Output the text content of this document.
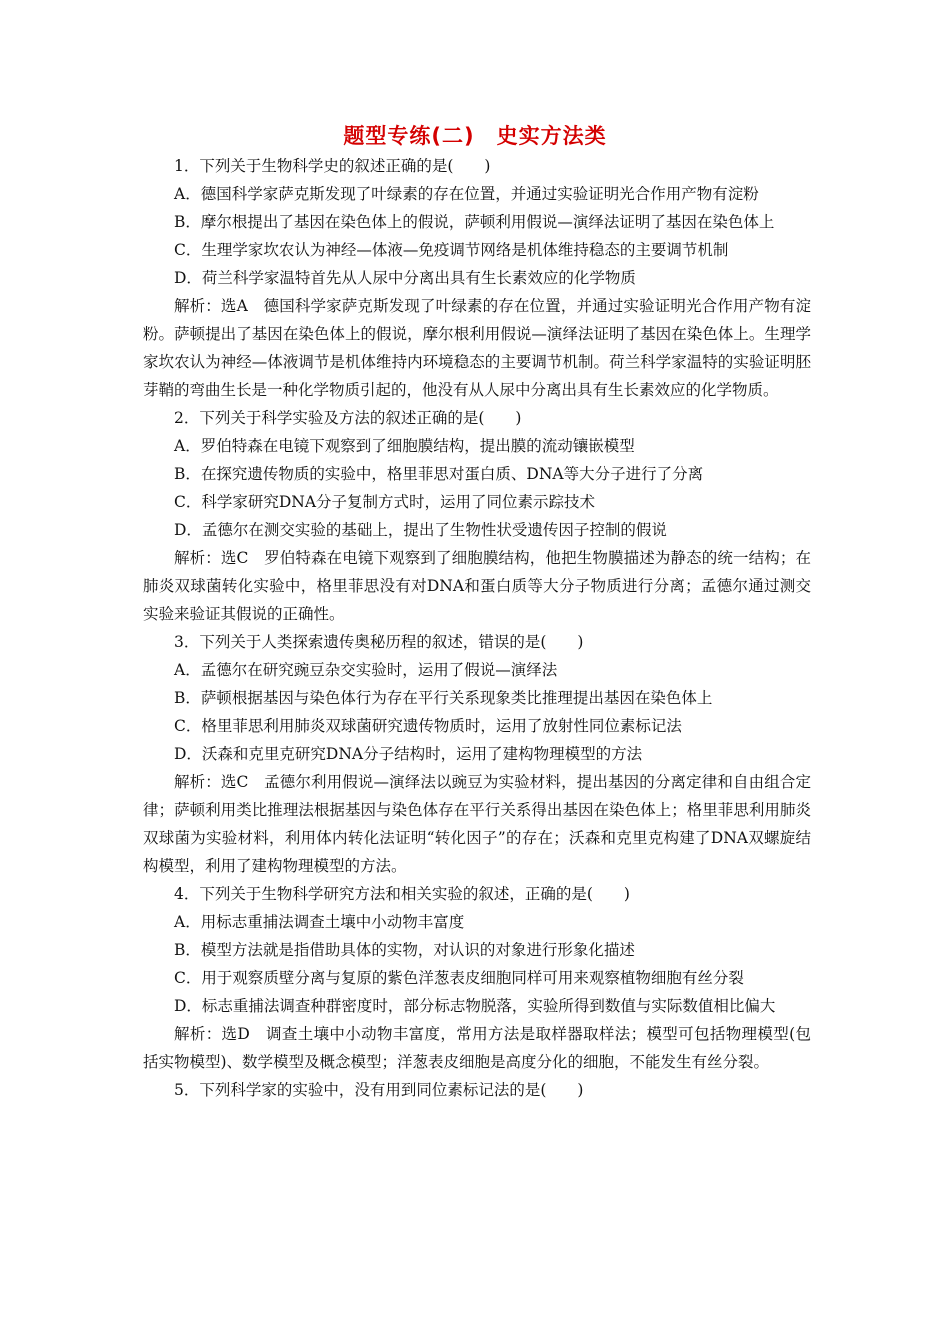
题型专练(二)　史实方法类

1．下列关于生物科学史的叙述正确的是(　　)

A．德国科学家萨克斯发现了叶绿素的存在位置，并通过实验证明光合作用产物有淀粉

B．摩尔根提出了基因在染色体上的假说，萨顿利用假说—演绎法证明了基因在染色体上

C．生理学家坎农认为神经—体液—免疫调节网络是机体维持稳态的主要调节机制

D．荷兰科学家温特首先从人尿中分离出具有生长素效应的化学物质

解析：选A　德国科学家萨克斯发现了叶绿素的存在位置，并通过实验证明光合作用产物有淀粉。萨顿提出了基因在染色体上的假说，摩尔根利用假说—演绎法证明了基因在染色体上。生理学家坎农认为神经—体液调节是机体维持内环境稳态的主要调节机制。荷兰科学家温特的实验证明胚芽鞘的弯曲生长是一种化学物质引起的，他没有从人尿中分离出具有生长素效应的化学物质。

2．下列关于科学实验及方法的叙述正确的是(　　)

A．罗伯特森在电镜下观察到了细胞膜结构，提出膜的流动镶嵌模型

B．在探究遗传物质的实验中，格里菲思对蛋白质、DNA等大分子进行了分离

C．科学家研究DNA分子复制方式时，运用了同位素示踪技术

D．孟德尔在测交实验的基础上，提出了生物性状受遗传因子控制的假说

解析：选C　罗伯特森在电镜下观察到了细胞膜结构，他把生物膜描述为静态的统一结构；在肺炎双球菌转化实验中，格里菲思没有对DNA和蛋白质等大分子物质进行分离；孟德尔通过测交实验来验证其假说的正确性。

3．下列关于人类探索遗传奥秘历程的叙述，错误的是(　　)

A．孟德尔在研究豌豆杂交实验时，运用了假说—演绎法

B．萨顿根据基因与染色体行为存在平行关系现象类比推理提出基因在染色体上

C．格里菲思利用肺炎双球菌研究遗传物质时，运用了放射性同位素标记法

D．沃森和克里克研究DNA分子结构时，运用了建构物理模型的方法

解析：选C　孟德尔利用假说—演绎法以豌豆为实验材料，提出基因的分离定律和自由组合定律；萨顿利用类比推理法根据基因与染色体存在平行关系得出基因在染色体上；格里菲思利用肺炎双球菌为实验材料，利用体内转化法证明“转化因子”的存在；沃森和克里克构建了DNA双螺旋结构模型，利用了建构物理模型的方法。

4．下列关于生物科学研究方法和相关实验的叙述，正确的是(　　)

A．用标志重捕法调查土壤中小动物丰富度

B．模型方法就是指借助具体的实物，对认识的对象进行形象化描述

C．用于观察质壁分离与复原的紫色洋葱表皮细胞同样可用来观察植物细胞有丝分裂

D．标志重捕法调查种群密度时，部分标志物脱落，实验所得到数值与实际数值相比偏大

解析：选D　调查土壤中小动物丰富度，常用方法是取样器取样法；模型可包括物理模型(包括实物模型)、数学模型及概念模型；洋葱表皮细胞是高度分化的细胞，不能发生有丝分裂。

5．下列科学家的实验中，没有用到同位素标记法的是(　　)
